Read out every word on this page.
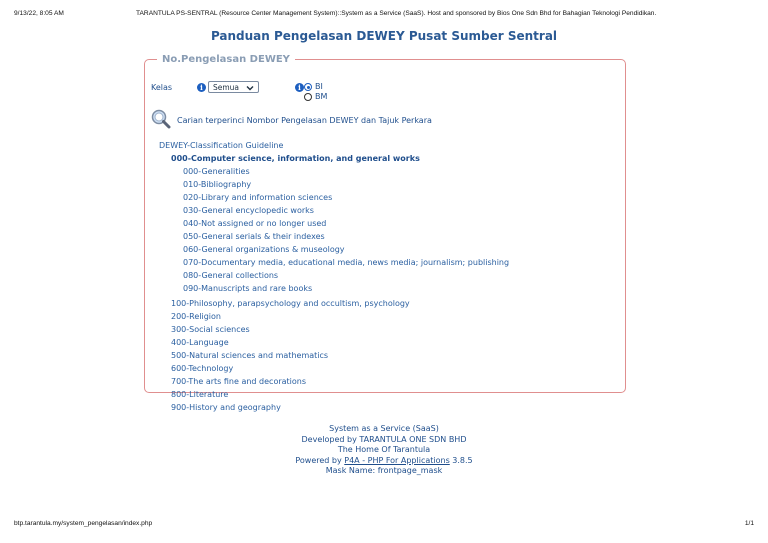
9/13/22, 8:05 AM	TARANTULA PS-SENTRAL (Resource Center Management System)::System as a Service (SaaS). Host and sponsored by Bios One Sdn Bhd for Bahagian Teknologi Pendidikan.
Panduan Pengelasan DEWEY Pusat Sumber Sentral
No.Pengelasan DEWEY
Kelas	i	Semua	i	BI
BM
Carian terperinci Nombor Pengelasan DEWEY dan Tajuk Perkara
DEWEY-Classification Guideline
000-Computer science, information, and general works
000-Generalities
010-Bibliography
020-Library and information sciences
030-General encyclopedic works
040-Not assigned or no longer used
050-General serials & their indexes
060-General organizations & museology
070-Documentary media, educational media, news media; journalism; publishing
080-General collections
090-Manuscripts and rare books
100-Philosophy, parapsychology and occultism, psychology
200-Religion
300-Social sciences
400-Language
500-Natural sciences and mathematics
600-Technology
700-The arts fine and decorations
800-Literature
900-History and geography
System as a Service (SaaS)
Developed by TARANTULA ONE SDN BHD
The Home Of Tarantula
Powered by P4A - PHP For Applications 3.8.5
Mask Name: frontpage_mask
btp.tarantula.my/system_pengelasan/index.php	1/1
